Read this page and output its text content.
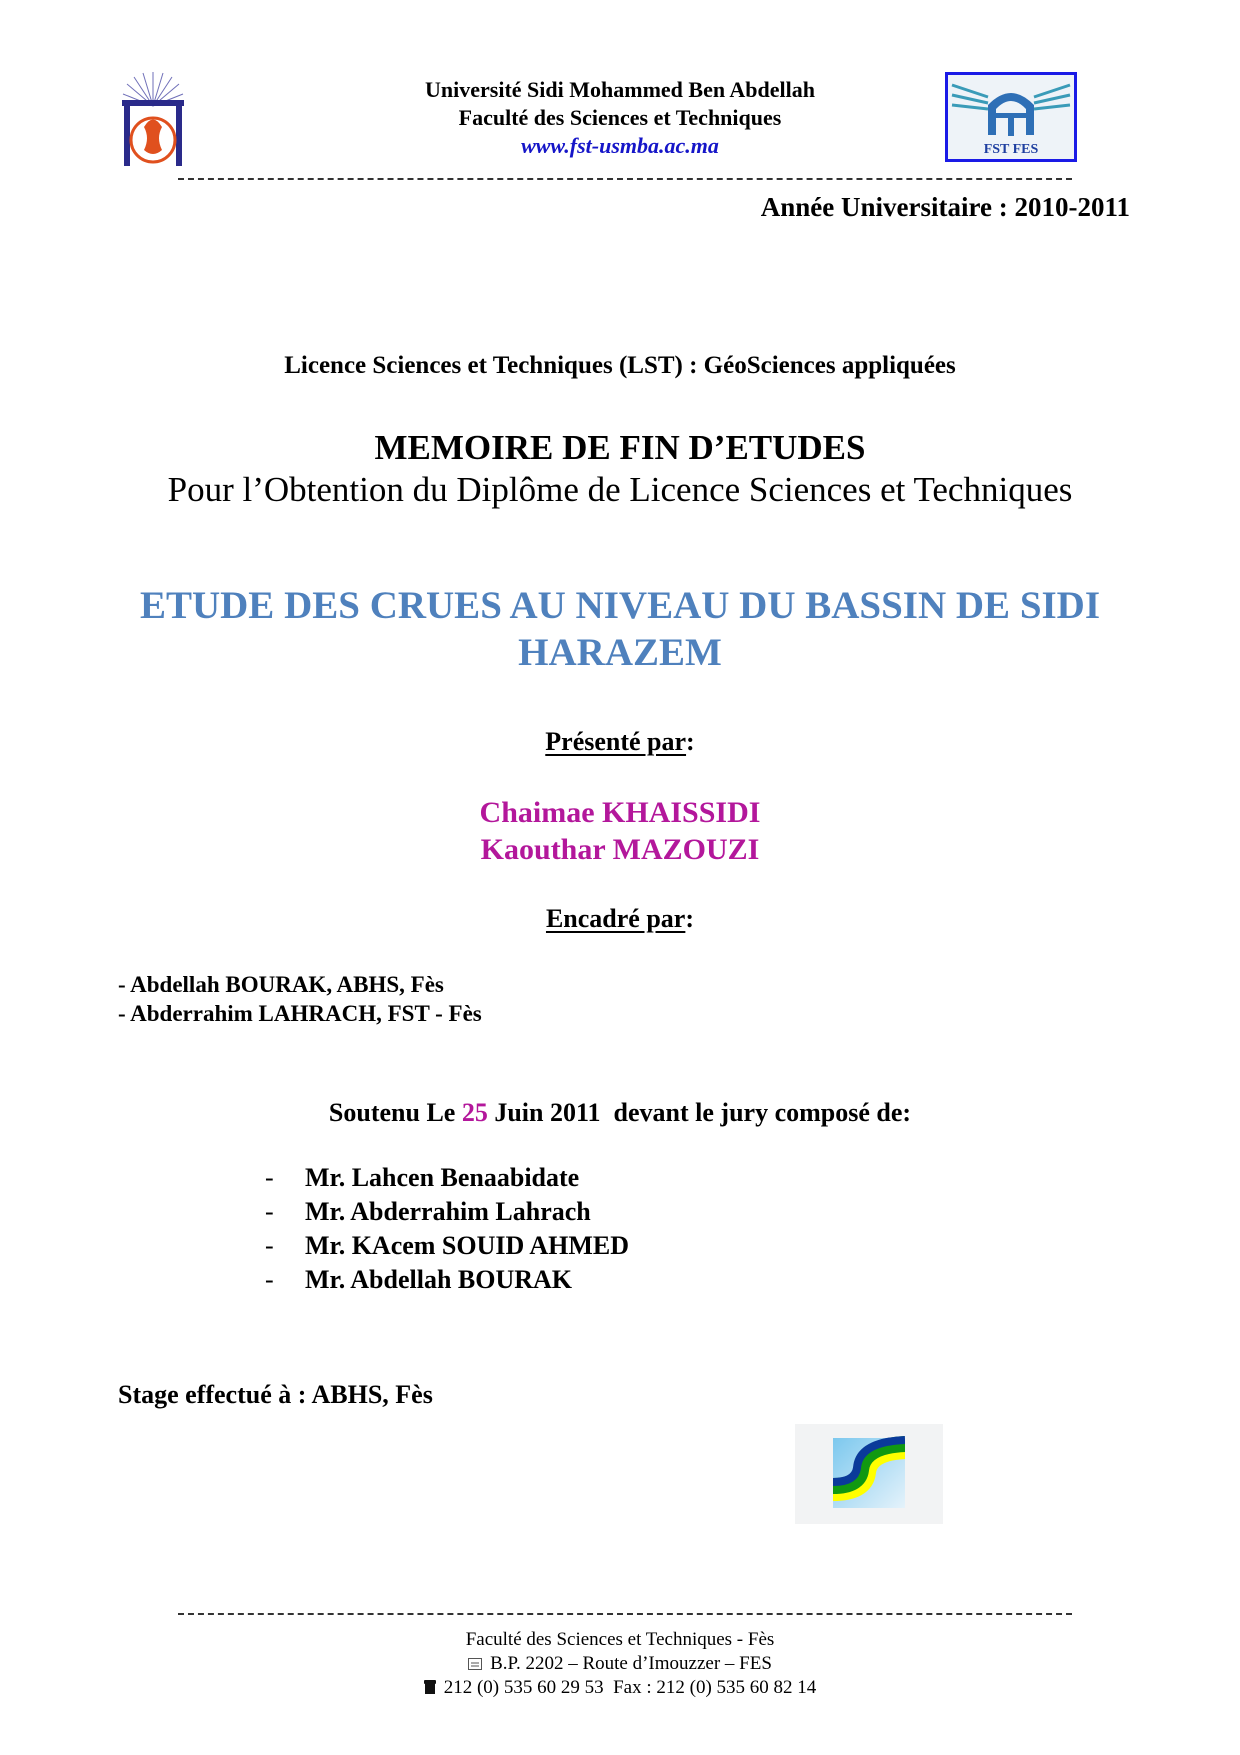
Université Sidi Mohammed Ben Abdellah
Faculté des Sciences et Techniques
www.fst-usmba.ac.ma	FST FES
Année Universitaire : 2010-2011
Licence Sciences et Techniques (LST) : GéoSciences appliquées
MEMOIRE DE FIN D’ETUDES
Pour l’Obtention du Diplôme de Licence Sciences et Techniques
ETUDE DES CRUES AU NIVEAU DU BASSIN DE SIDI
HARAZEM
Présenté par:
Chaimae KHAISSIDI
Kaouthar MAZOUZI
Encadré par:
- Abdellah BOURAK, ABHS, Fès
- Abderrahim LAHRACH, FST - Fès
Soutenu Le 25 Juin 2011  devant le jury composé de:
- Mr. Lahcen Benaabidate
- Mr. Abderrahim Lahrach
- Mr. KAcem SOUID AHMED
- Mr. Abdellah BOURAK
Stage effectué à : ABHS, Fès
Faculté des Sciences et Techniques - Fès
B.P. 2202 – Route d’Imouzzer – FES
212 (0) 535 60 29 53  Fax : 212 (0) 535 60 82 14
